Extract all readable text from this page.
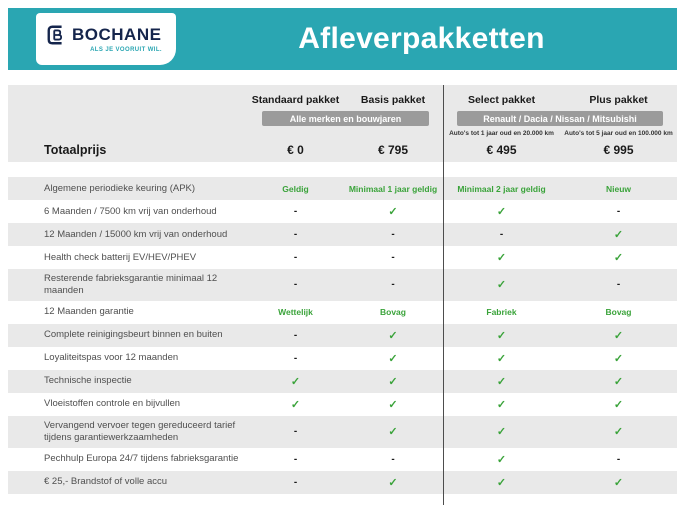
BOCHANE
ALS JE VOORUIT WIL.	Afleverpakketten
Standaard pakket	Basis pakket	Select pakket	Plus pakket
Alle merken en bouwjaren	Renault / Dacia / Nissan / Mitsubishi
Auto's tot 1 jaar oud en 20.000 km	Auto's tot 5 jaar oud en 100.000 km
Totaalprijs	€ 0	€ 795	€ 495	€ 995
Algemene periodieke keuring (APK)	Geldig	Minimaal 1 jaar geldig	Minimaal 2 jaar geldig	Nieuw
6 Maanden / 7500 km vrij van onderhoud	-	✓	✓	-
12 Maanden / 15000 km vrij van onderhoud	-	-	-	✓
Health check batterij EV/HEV/PHEV	-	-	✓	✓
Resterende fabrieksgarantie minimaal 12 maanden	-	-	✓	-
12 Maanden garantie	Wettelijk	Bovag	Fabriek	Bovag
Complete reinigingsbeurt binnen en buiten	-	✓	✓	✓
Loyaliteitspas voor 12 maanden	-	✓	✓	✓
Technische inspectie	✓	✓	✓	✓
Vloeistoffen controle en bijvullen	✓	✓	✓	✓
Vervangend vervoer tegen gereduceerd tarief tijdens garantiewerkzaamheden	-	✓	✓	✓
Pechhulp Europa 24/7 tijdens fabrieksgarantie	-	-	✓	-
€ 25,- Brandstof of volle accu	-	✓	✓	✓
